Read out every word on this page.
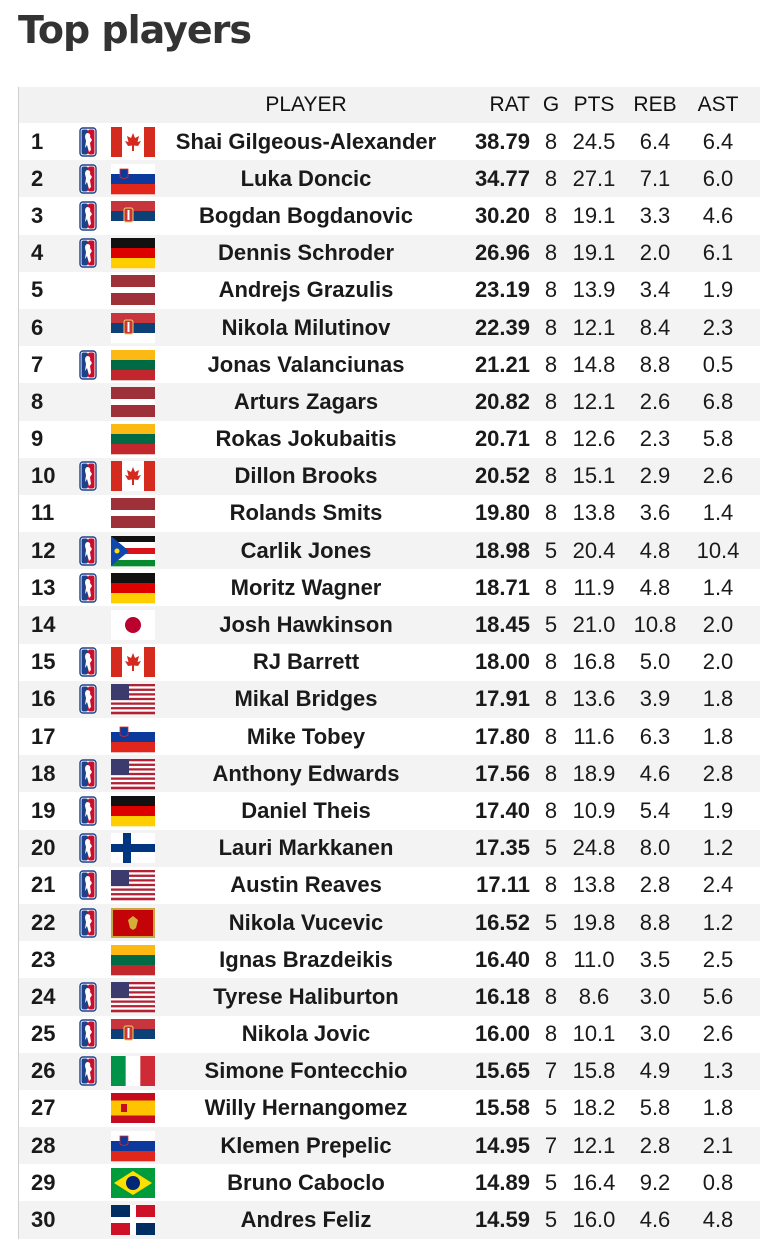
Top players
PLAYER	RAT G PTS REB AST
1	Shai Gilgeous-Alexander	38.79 8 24.5	6.4	6.4
2	Luka Doncic	34.77 8 27.1	7.1	6.0
3	Bogdan Bogdanovic	30.20 8 19.1	3.3	4.6
4	Dennis Schroder	26.96 8 19.1	2.0	6.1
5	Andrejs Grazulis	23.19 8 13.9	3.4	1.9
6	Nikola Milutinov	22.39 8 12.1	8.4	2.3
7	Jonas Valanciunas	21.21 8 14.8	8.8	0.5
8	Arturs Zagars	20.82 8 12.1	2.6	6.8
9	Rokas Jokubaitis	20.71 8 12.6	2.3	5.8
10	Dillon Brooks	20.52 8 15.1	2.9	2.6
11	Rolands Smits	19.80 8 13.8	3.6	1.4
12	Carlik Jones	18.98 5 20.4	4.8	10.4
13	Moritz Wagner	18.71 8 11.9	4.8	1.4
14	Josh Hawkinson	18.45 5 21.0 10.8	2.0
15	RJ Barrett	18.00 8 16.8	5.0	2.0
16	Mikal Bridges	17.91 8 13.6	3.9	1.8
17	Mike Tobey	17.80 8 11.6	6.3	1.8
18	Anthony Edwards	17.56 8 18.9	4.6	2.8
19	Daniel Theis	17.40 8 10.9	5.4	1.9
20	Lauri Markkanen	17.35 5 24.8	8.0	1.2
21	Austin Reaves	17.11 8 13.8	2.8	2.4
22	Nikola Vucevic	16.52 5 19.8	8.8	1.2
23	Ignas Brazdeikis	16.40 8 11.0	3.5	2.5
24	Tyrese Haliburton	16.18 8 8.6	3.0	5.6
25	Nikola Jovic	16.00 8 10.1	3.0	2.6
26	Simone Fontecchio	15.65 7 15.8	4.9	1.3
27	Willy Hernangomez	15.58 5 18.2	5.8	1.8
28	Klemen Prepelic	14.95 7 12.1	2.8	2.1
29	Bruno Caboclo	14.89 5 16.4	9.2	0.8
30	Andres Feliz	14.59 5 16.0	4.6	4.8
